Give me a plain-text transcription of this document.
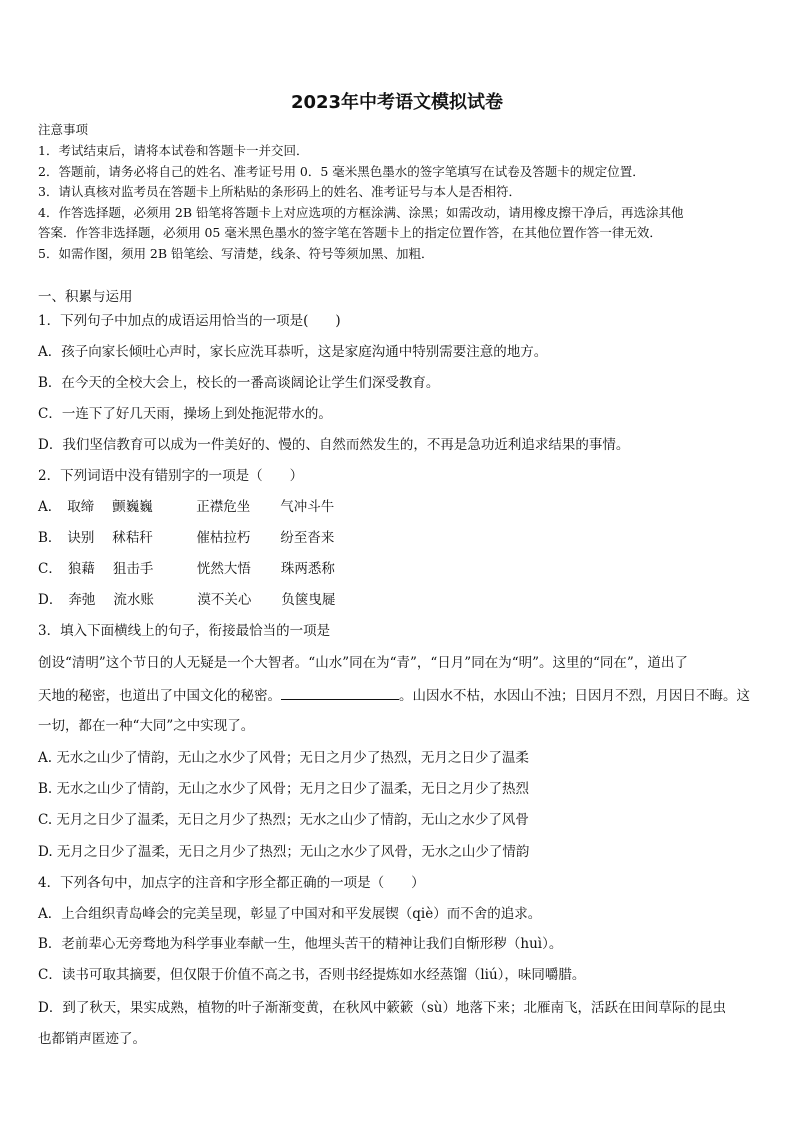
2023年中考语文模拟试卷
注意事项
1．考试结束后，请将本试卷和答题卡一并交回．
2．答题前，请务必将自己的姓名、准考证号用 0．5 毫米黑色墨水的签字笔填写在试卷及答题卡的规定位置．
3．请认真核对监考员在答题卡上所粘贴的条形码上的姓名、准考证号与本人是否相符．
4．作答选择题，必须用 2B 铅笔将答题卡上对应选项的方框涂满、涂黑；如需改动，请用橡皮擦干净后，再选涂其他
答案．作答非选择题，必须用 05 毫米黑色墨水的签字笔在答题卡上的指定位置作答，在其他位置作答一律无效．
5．如需作图，须用 2B 铅笔绘、写清楚，线条、符号等须加黑、加粗．
一、积累与运用
1．下列句子中加点的成语运用恰当的一项是(　　)
A．孩子向家长倾吐心声时，家长应洗耳恭听，这是家庭沟通中特别需要注意的地方。
B．在今天的全校大会上，校长的一番高谈阔论让学生们深受教育。
C．一连下了好几天雨，操场上到处拖泥带水的。
D．我们坚信教育可以成为一件美好的、慢的、自然而然发生的，不再是急功近利追求结果的事情。
2．下列词语中没有错别字的一项是（　　）
A． 取缔 颤巍巍	正襟危坐 气冲斗牛
B． 诀别 秫秸秆	催枯拉朽 纷至沓来
C． 狼藉 狙击手	恍然大悟 珠两悉称
D． 奔弛 流水账	漠不关心 负箧曳屣
3．填入下面横线上的句子，衔接最恰当的一项是
创设“清明”这个节日的人无疑是一个大智者。“山水”同在为“青”，“日月”同在为“明”。这里的“同在”，道出了
天地的秘密，也道出了中国文化的秘密。	。山因水不枯，水因山不浊；日因月不烈，月因日不晦。这
一切，都在一种“大同”之中实现了。
A. 无水之山少了情韵，无山之水少了风骨；无日之月少了热烈，无月之日少了温柔
B. 无水之山少了情韵，无山之水少了风骨；无月之日少了温柔，无日之月少了热烈
C. 无月之日少了温柔，无日之月少了热烈；无水之山少了情韵，无山之水少了风骨
D. 无月之日少了温柔，无日之月少了热烈；无山之水少了风骨，无水之山少了情韵
4．下列各句中，加点字的注音和字形全都正确的一项是（　　）
A．上合组织青岛峰会的完美呈现，彰显了中国对和平发展锲（qiè）而不舍的追求。
B．老前辈心无旁骛地为科学事业奉献一生，他埋头苦干的精神让我们自惭形秽（huì）。
C．读书可取其摘要，但仅限于价值不高之书，否则书经提炼如水经蒸馏（liú），味同嚼腊。
D．到了秋天，果实成熟，植物的叶子渐渐变黄，在秋风中簌簌（sù）地落下来；北雁南飞，活跃在田间草际的昆虫
也都销声匿迹了。
